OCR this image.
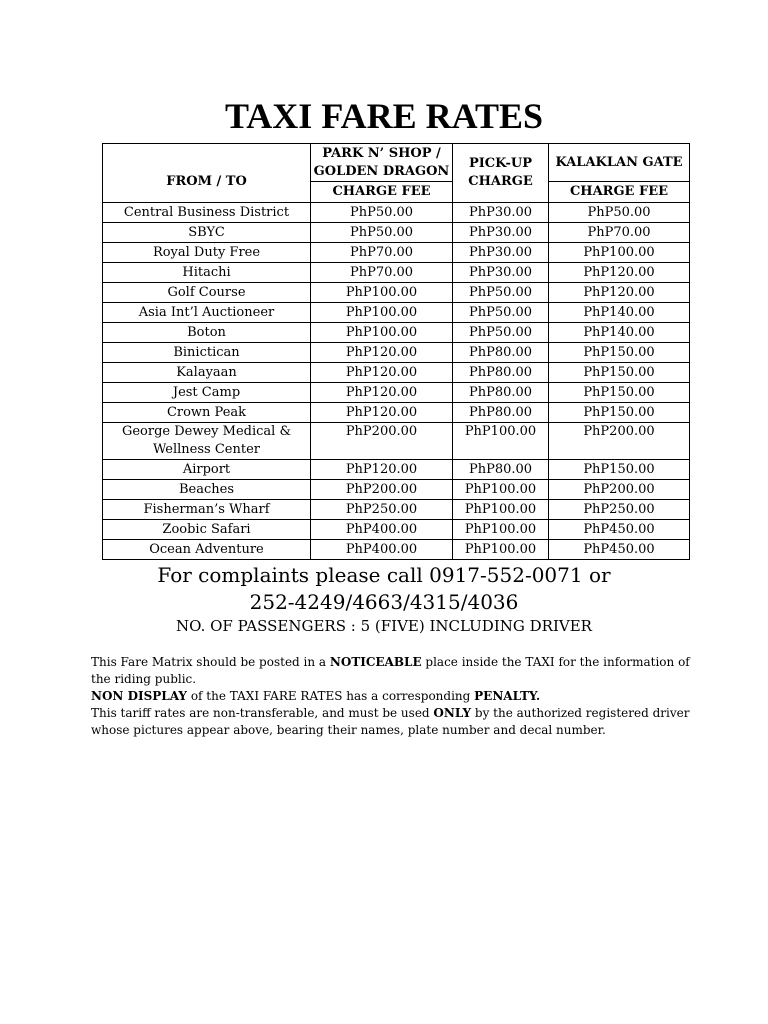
TAXI FARE RATES
FROM / TO	PARK N’ SHOP / GOLDEN DRAGON	PICK-UP CHARGE	KALAKLAN GATE
	CHARGE FEE		CHARGE FEE
Central Business District	PhP50.00	PhP30.00	PhP50.00
SBYC	PhP50.00	PhP30.00	PhP70.00
Royal Duty Free	PhP70.00	PhP30.00	PhP100.00
Hitachi	PhP70.00	PhP30.00	PhP120.00
Golf Course	PhP100.00	PhP50.00	PhP120.00
Asia Int’l Auctioneer	PhP100.00	PhP50.00	PhP140.00
Boton	PhP100.00	PhP50.00	PhP140.00
Binictican	PhP120.00	PhP80.00	PhP150.00
Kalayaan	PhP120.00	PhP80.00	PhP150.00
Jest Camp	PhP120.00	PhP80.00	PhP150.00
Crown Peak	PhP120.00	PhP80.00	PhP150.00
George Dewey Medical & Wellness Center	PhP200.00	PhP100.00	PhP200.00
Airport	PhP120.00	PhP80.00	PhP150.00
Beaches	PhP200.00	PhP100.00	PhP200.00
Fisherman’s Wharf	PhP250.00	PhP100.00	PhP250.00
Zoobic Safari	PhP400.00	PhP100.00	PhP450.00
Ocean Adventure	PhP400.00	PhP100.00	PhP450.00
For complaints please call 0917-552-0071 or
252-4249/4663/4315/4036
NO. OF PASSENGERS : 5 (FIVE) INCLUDING DRIVER

This Fare Matrix should be posted in a NOTICEABLE place inside the TAXI for the information of the riding public.

NON DISPLAY of the TAXI FARE RATES has a corresponding PENALTY.

This tariff rates are non-transferable, and must be used ONLY by the authorized registered driver whose pictures appear above, bearing their names, plate number and decal number.
